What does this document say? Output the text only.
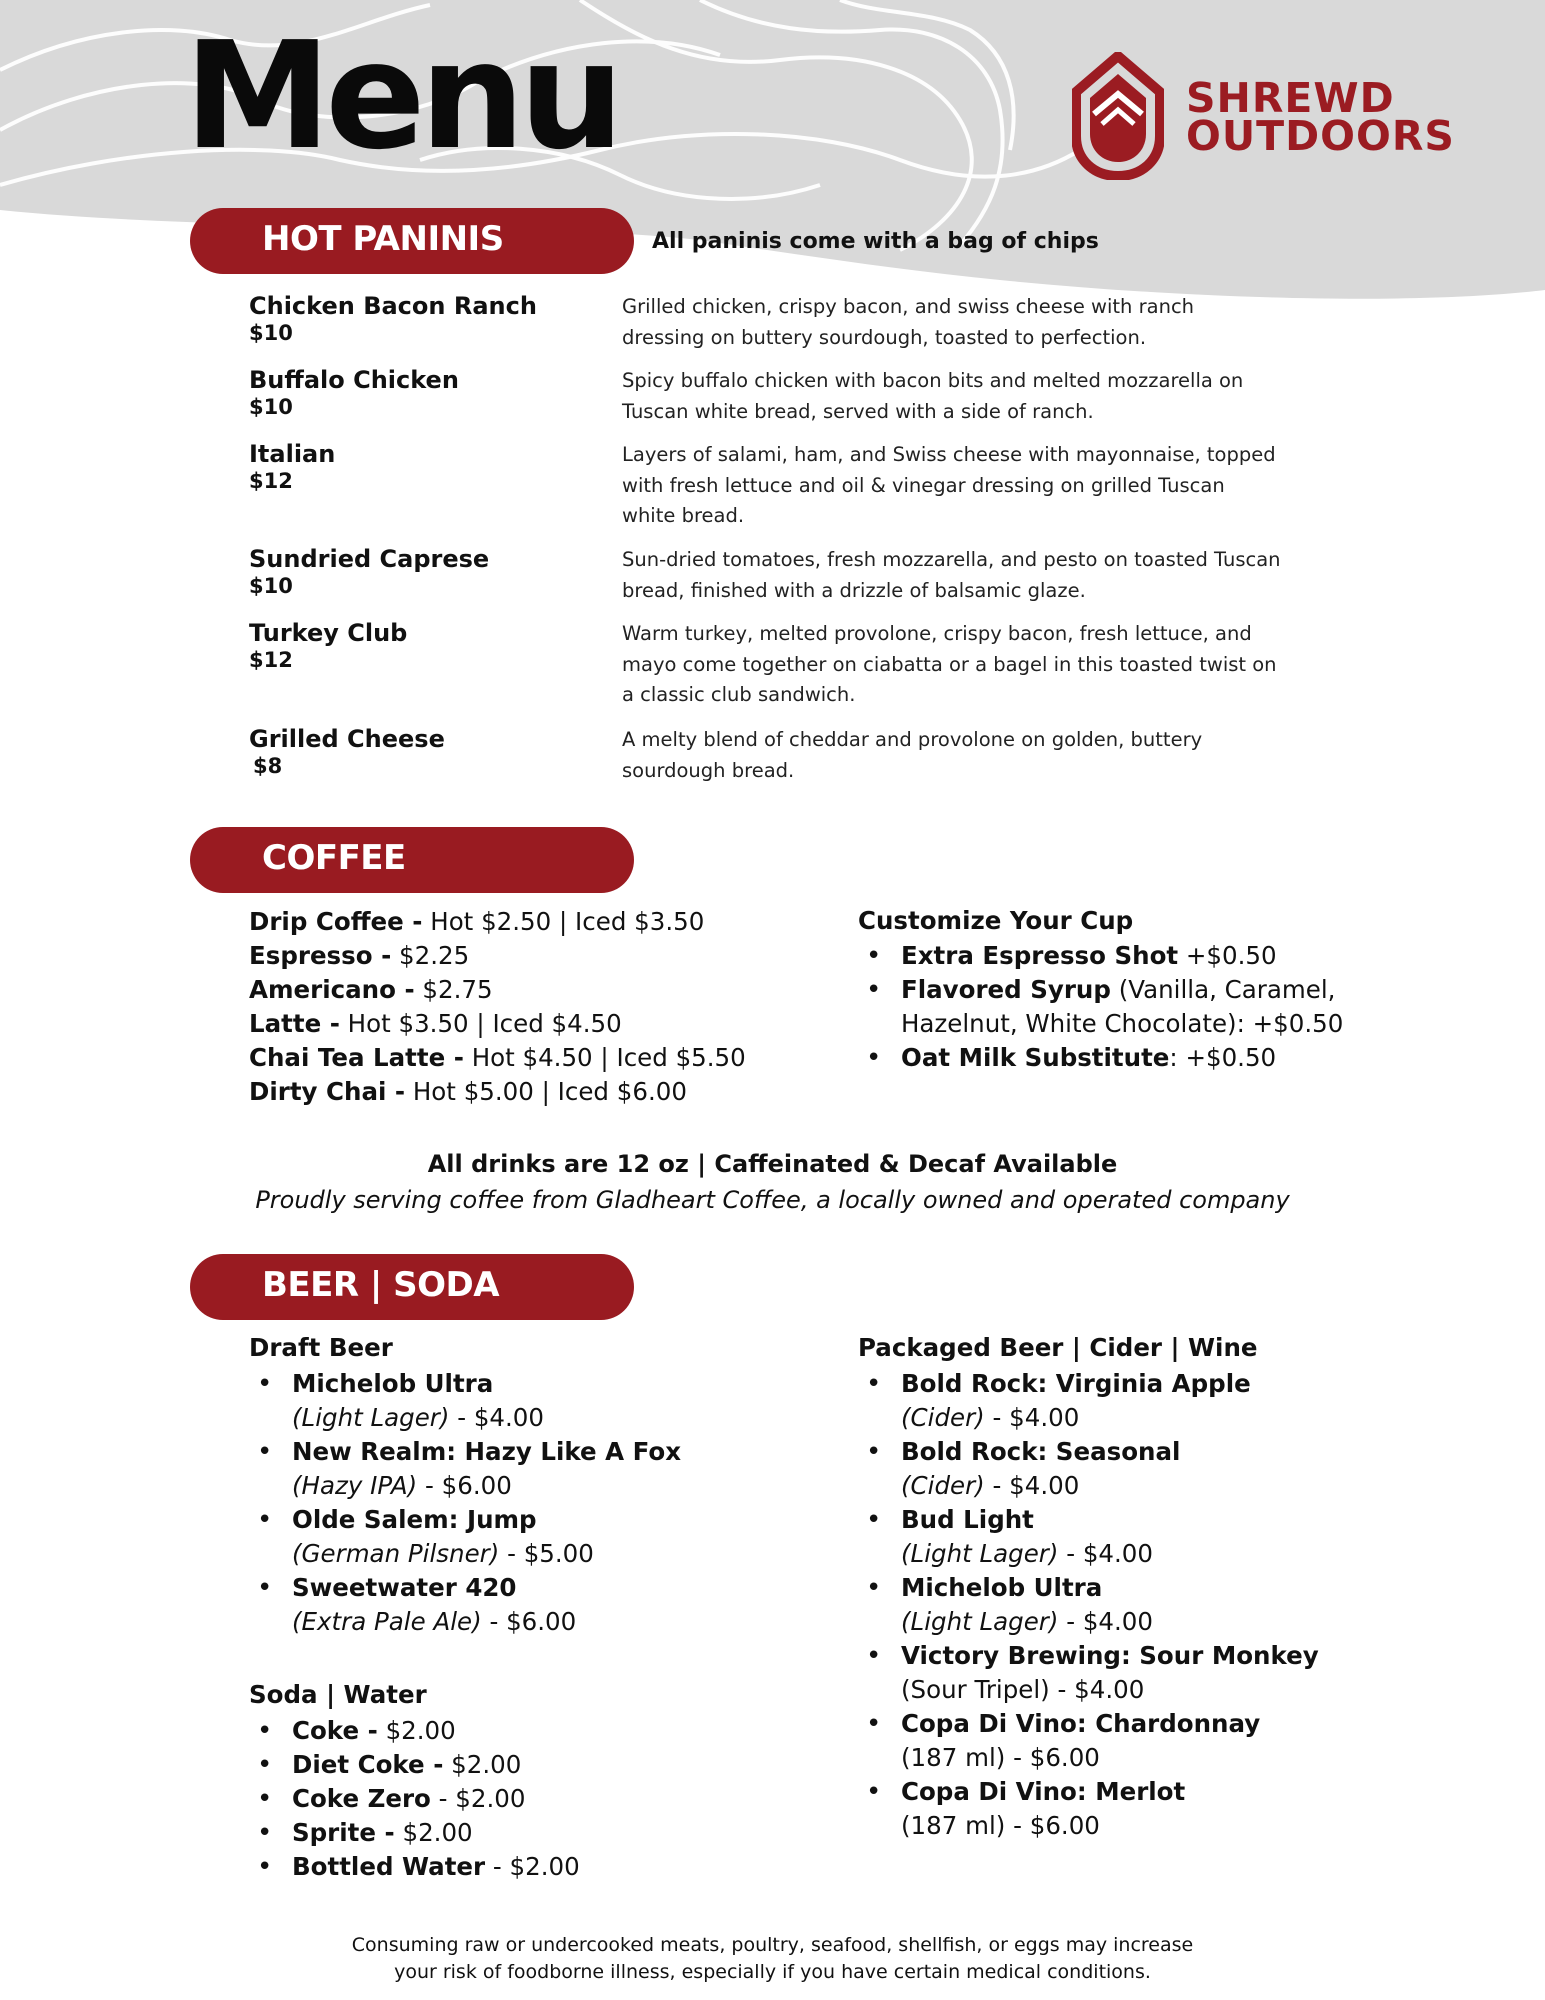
Menu	SHREWD
OUTDOORS
HOT PANINIS	All paninis come with a bag of chips
Chicken Bacon Ranch
$10
Grilled chicken, crispy bacon, and swiss cheese with ranch dressing on buttery sourdough, toasted to perfection.
Buffalo Chicken
$10
Spicy buffalo chicken with bacon bits and melted mozzarella on Tuscan white bread, served with a side of ranch.
Italian
$12
Layers of salami, ham, and Swiss cheese with mayonnaise, topped with fresh lettuce and oil & vinegar dressing on grilled Tuscan white bread.
Sundried Caprese
$10
Sun-dried tomatoes, fresh mozzarella, and pesto on toasted Tuscan bread, finished with a drizzle of balsamic glaze.
Turkey Club
$12
Warm turkey, melted provolone, crispy bacon, fresh lettuce, and mayo come together on ciabatta or a bagel in this toasted twist on a classic club sandwich.
Grilled Cheese
$8
A melty blend of cheddar and provolone on golden, buttery sourdough bread.
COFFEE
Drip Coffee - Hot $2.50 | Iced $3.50
Espresso - $2.25
Americano - $2.75
Latte - Hot $3.50 | Iced $4.50
Chai Tea Latte - Hot $4.50 | Iced $5.50
Dirty Chai - Hot $5.00 | Iced $6.00
Customize Your Cup
• Extra Espresso Shot +$0.50
• Flavored Syrup (Vanilla, Caramel, Hazelnut, White Chocolate): +$0.50
• Oat Milk Substitute: +$0.50
All drinks are 12 oz | Caffeinated & Decaf Available
Proudly serving coffee from Gladheart Coffee, a locally owned and operated company
BEER | SODA
Draft Beer
• Michelob Ultra
(Light Lager) - $4.00
• New Realm: Hazy Like A Fox
(Hazy IPA) - $6.00
• Olde Salem: Jump
(German Pilsner) - $5.00
• Sweetwater 420
(Extra Pale Ale) - $6.00
Soda | Water
• Coke - $2.00
• Diet Coke - $2.00
• Coke Zero - $2.00
• Sprite - $2.00
• Bottled Water - $2.00
Packaged Beer | Cider | Wine
• Bold Rock: Virginia Apple
(Cider) - $4.00
• Bold Rock: Seasonal
(Cider) - $4.00
• Bud Light
(Light Lager) - $4.00
• Michelob Ultra
(Light Lager) - $4.00
• Victory Brewing: Sour Monkey
(Sour Tripel) - $4.00
• Copa Di Vino: Chardonnay
(187 ml) - $6.00
• Copa Di Vino: Merlot
(187 ml) - $6.00
Consuming raw or undercooked meats, poultry, seafood, shellfish, or eggs may increase
your risk of foodborne illness, especially if you have certain medical conditions.
